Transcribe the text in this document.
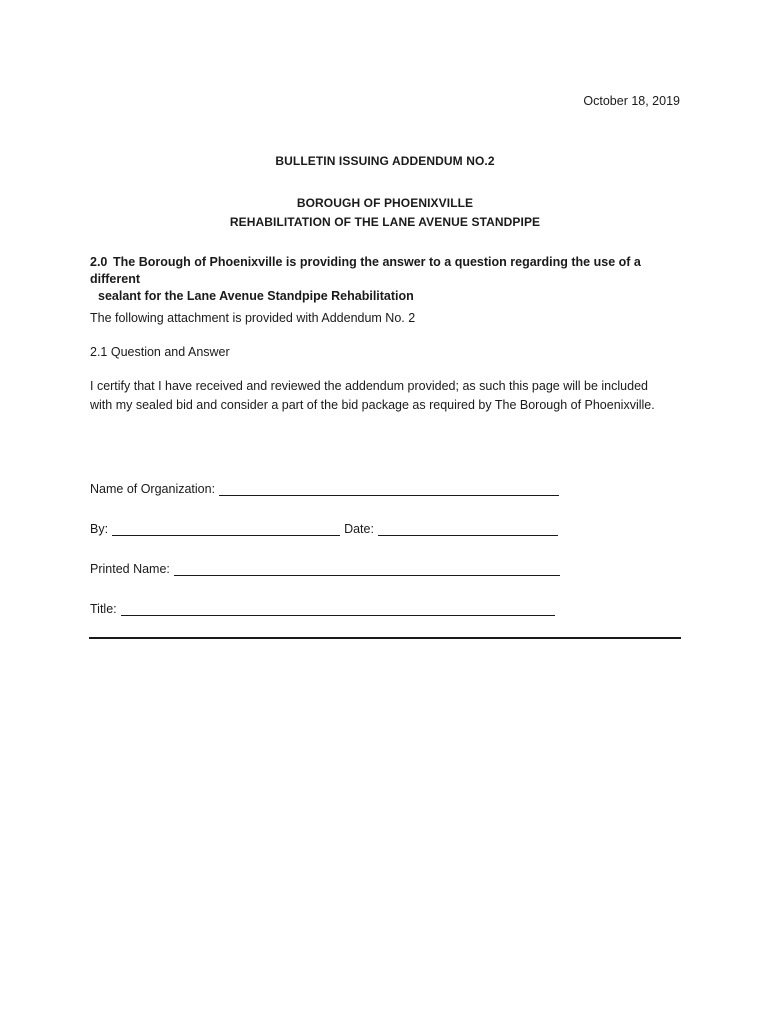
October 18, 2019
BULLETIN ISSUING ADDENDUM NO.2
BOROUGH OF PHOENIXVILLE
REHABILITATION OF THE LANE AVENUE STANDPIPE
2.0 The Borough of Phoenixville is providing the answer to a question regarding the use of a different
sealant for the Lane Avenue Standpipe Rehabilitation
The following attachment is provided with Addendum No. 2
2.1 Question and Answer
I certify that I have received and reviewed the addendum provided; as such this page will be included
with my sealed bid and consider a part of the bid package as required by The Borough of Phoenixville.
Name of Organization:
By:	Date:
Printed Name:
Title:
